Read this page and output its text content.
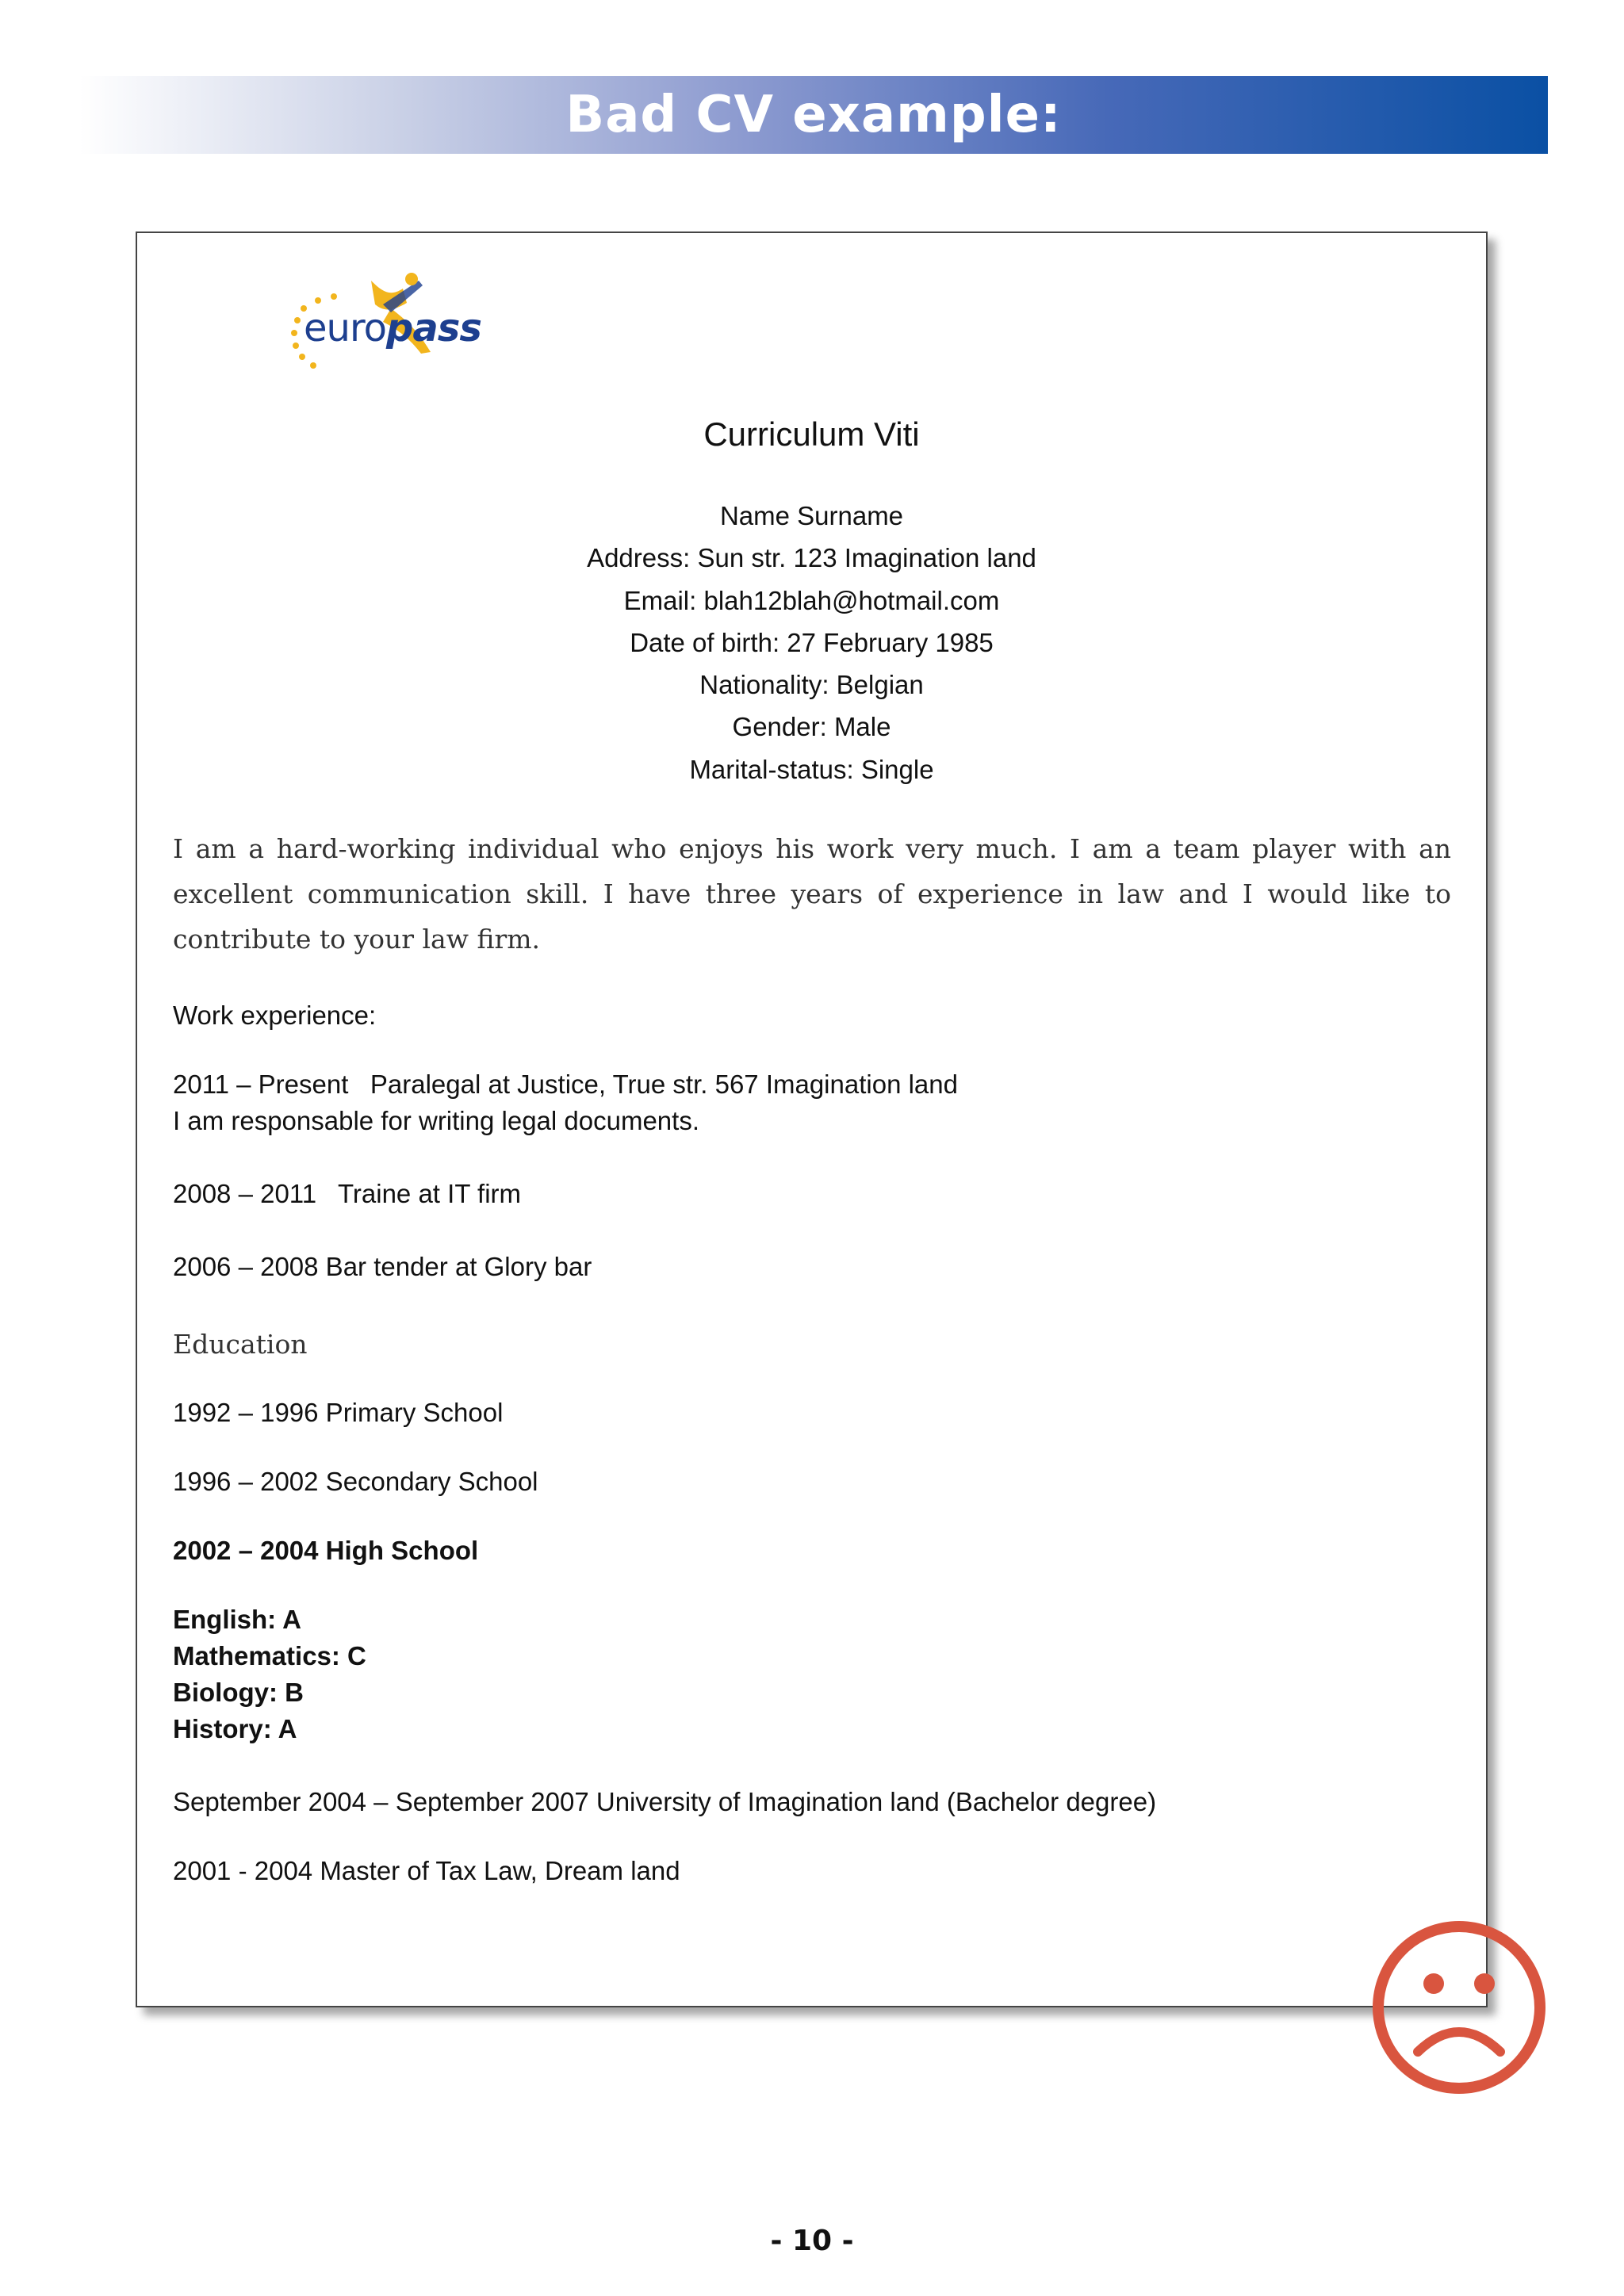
Bad CV example:
europass
Curriculum Viti
Name Surname
Address: Sun str. 123 Imagination land
Email: blah12blah@hotmail.com
Date of birth: 27 February 1985
Nationality: Belgian
Gender: Male
Marital-status: Single
I am a hard-working individual who enjoys his work very much. I am a team player with an excellent communication skill. I have three years of experience in law and I would like to contribute to your law firm.
Work experience:
2011 – Present   Paralegal at Justice, True str. 567 Imagination land
I am responsable for writing legal documents.
2008 – 2011   Traine at IT firm
2006 – 2008 Bar tender at Glory bar
Education
1992 – 1996 Primary School
1996 – 2002 Secondary School
2002 – 2004 High School
English: A
Mathematics: C
Biology: B
History: A
September 2004 – September 2007 University of Imagination land (Bachelor degree)
2001 - 2004 Master of Tax Law, Dream land
- 10 -
